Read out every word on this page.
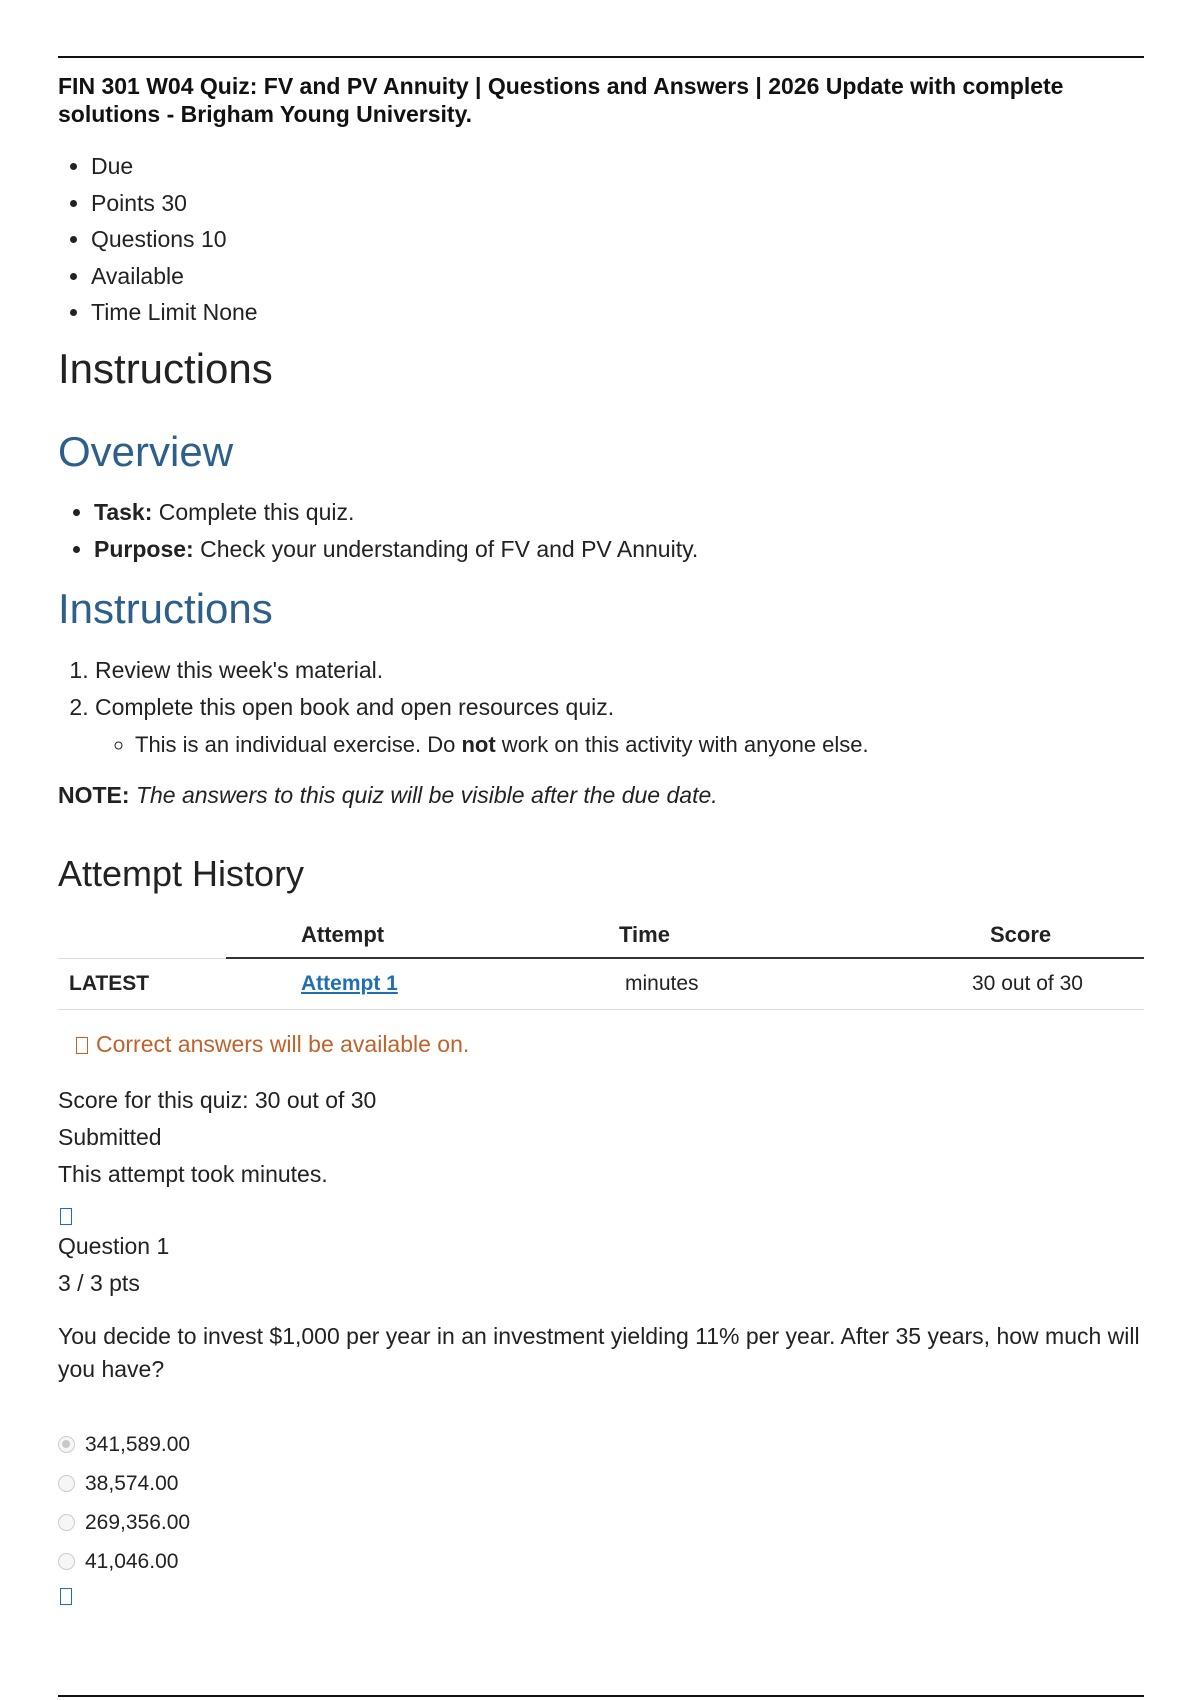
FIN 301 W04 Quiz: FV and PV Annuity | Questions and Answers | 2026 Update with complete solutions - Brigham Young University.

• Due
• Points 30
• Questions 10
• Available
• Time Limit None
Instructions
Overview
• Task: Complete this quiz.
• Purpose: Check your understanding of FV and PV Annuity.
Instructions
1. Review this week's material.
2. Complete this open book and open resources quiz.
◦ This is an individual exercise. Do not work on this activity with anyone else.

NOTE: The answers to this quiz will be visible after the due date.

Attempt History
	Attempt	Time	Score
LATEST	Attempt 1	minutes	30 out of 30
Correct answers will be available on.
Score for this quiz: 30 out of 30
Submitted
This attempt took minutes.
Question 1
3 / 3 pts

You decide to invest $1,000 per year in an investment yielding 11% per year. After 35 years, how much will you have?

341,589.00
38,574.00
269,356.00
41,046.00
